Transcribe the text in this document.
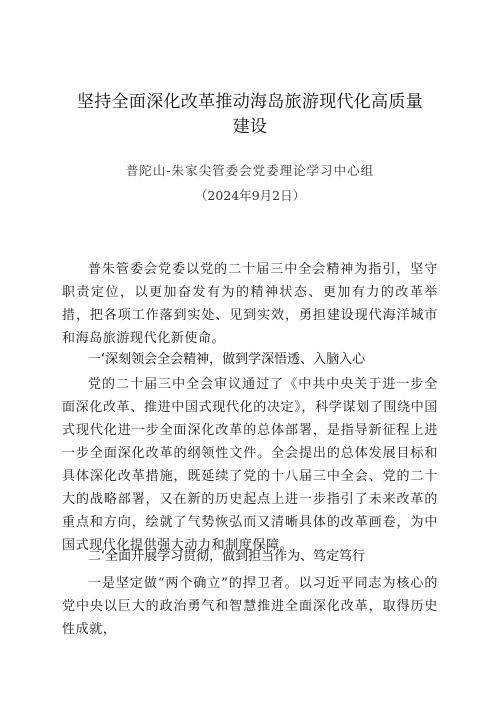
坚持全面深化改革推动海岛旅游现代化高质量建设
普陀山-朱家尖管委会党委理论学习中心组
（2024年9月2日）

普朱管委会党委以党的二十届三中全会精神为指引，坚守职责定位，以更加奋发有为的精神状态、更加有力的改革举措，把各项工作落到实处、见到实效，勇担建设现代海洋城市和海岛旅游现代化新使命。

一‘深刻领会全会精神，做到学深悟透、入脑入心

党的二十届三中全会审议通过了《中共中央关于进一步全面深化改革、推进中国式现代化的决定》，科学谋划了围绕中国式现代化进一步全面深化改革的总体部署，是指导新征程上进一步全面深化改革的纲领性文件。全会提出的总体发展目标和具体深化改革措施，既延续了党的十八届三中全会、党的二十大的战略部署，又在新的历史起点上进一步指引了未来改革的重点和方向，绘就了气势恢弘而又清晰具体的改革画卷，为中国式现代化提供强大动力和制度保障。

二‘全面开展学习贯彻，做到担当作为、笃定笃行

一是坚定做“两个确立”的捍卫者。以习近平同志为核心的党中央以巨大的政治勇气和智慧推进全面深化改革，取得历史性成就，
